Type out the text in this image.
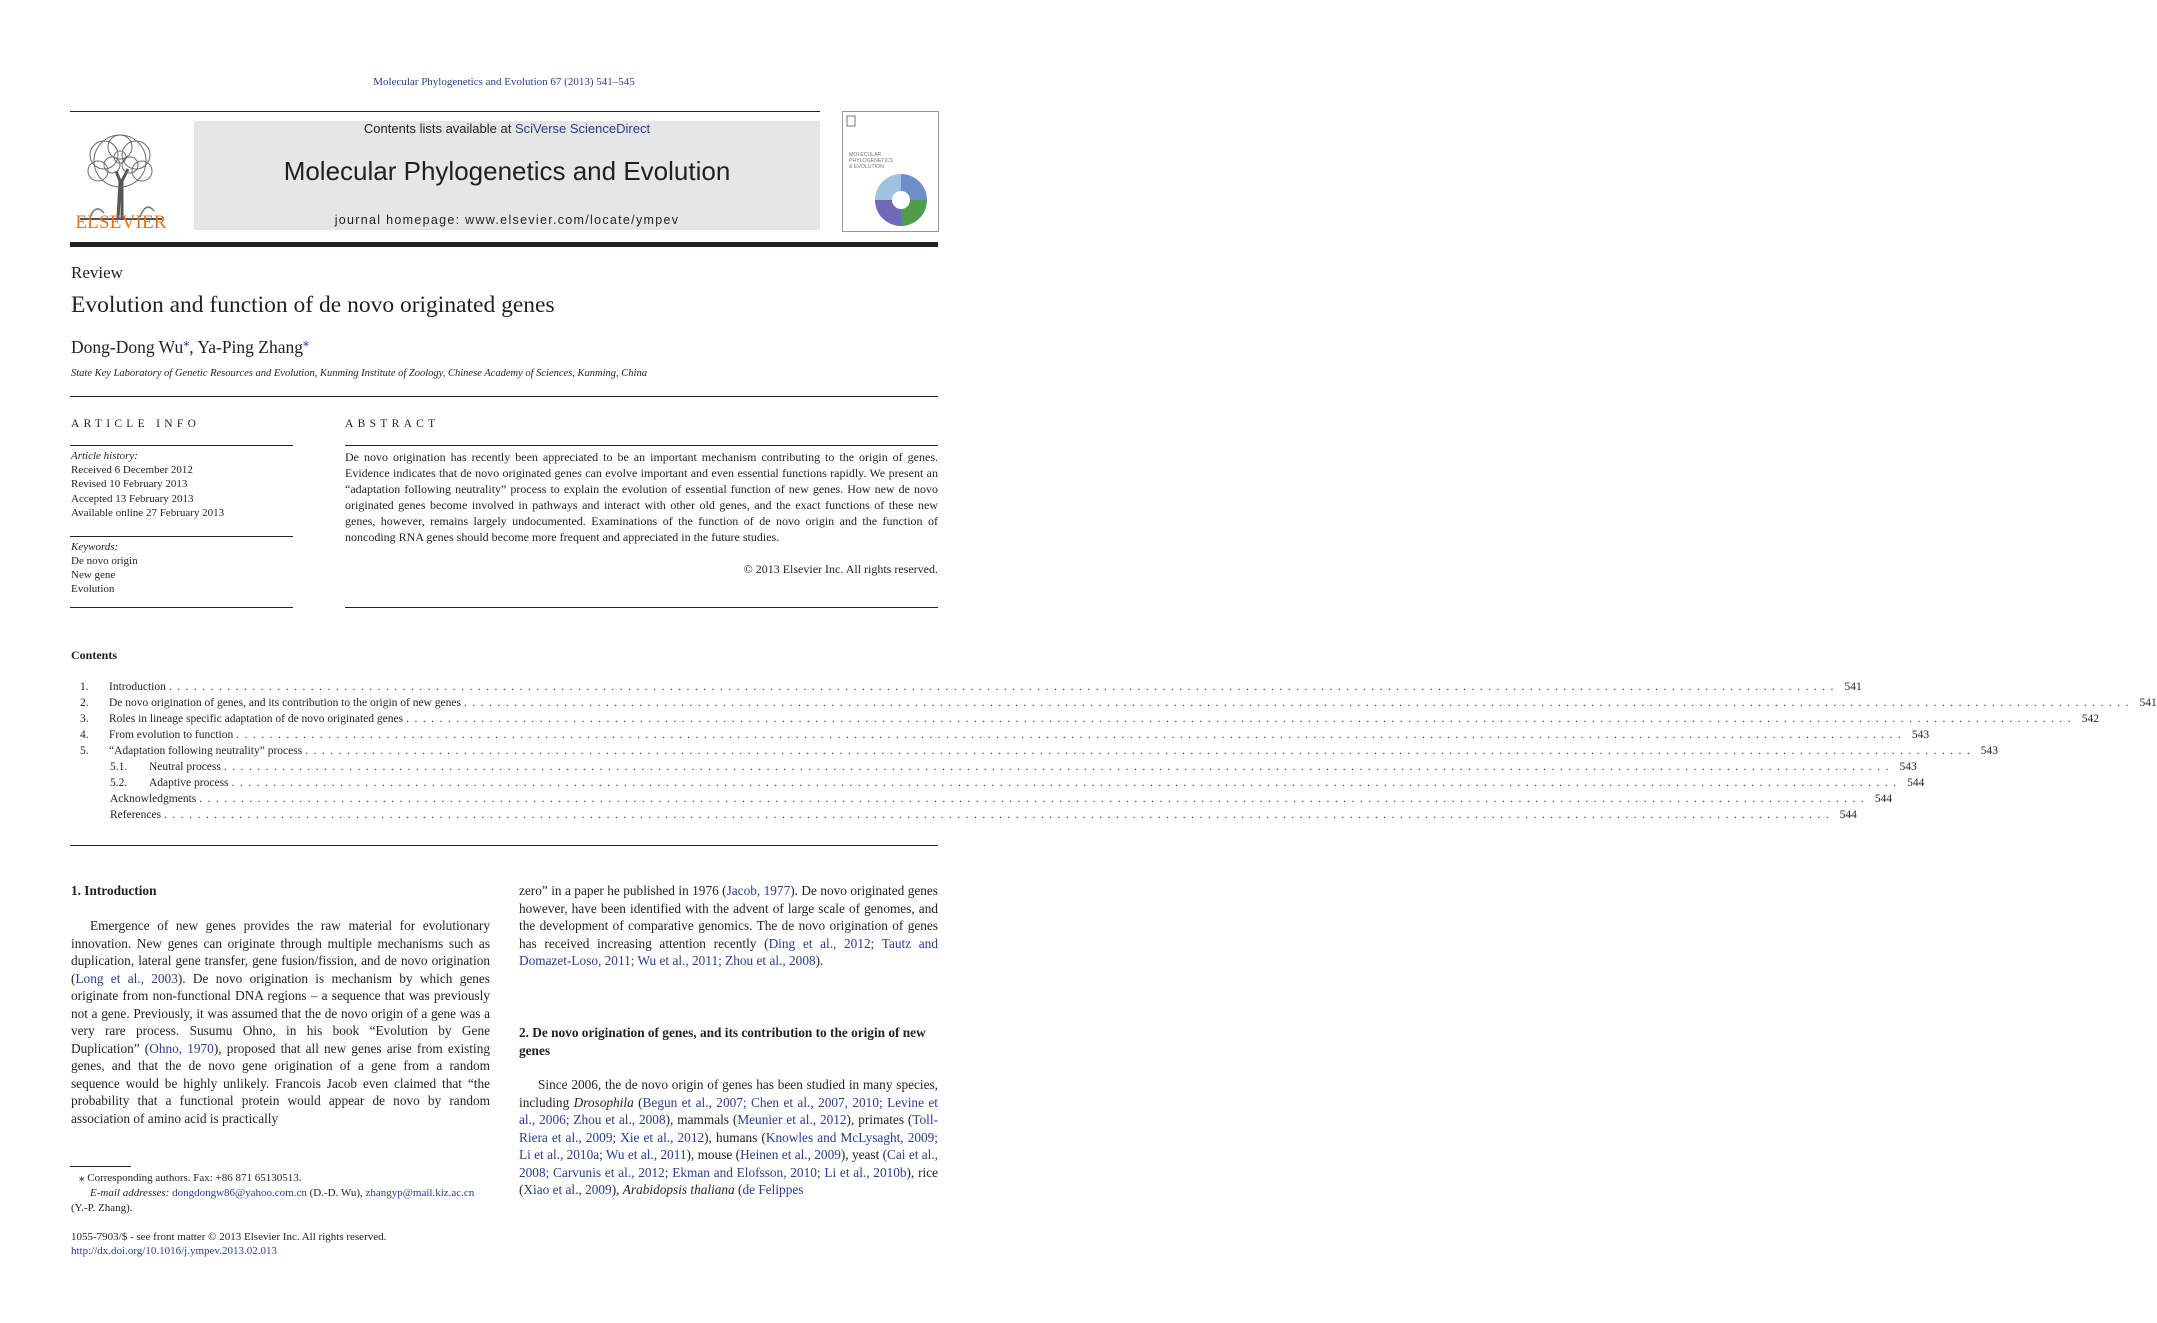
Molecular Phylogenetics and Evolution 67 (2013) 541–545
ELSEVIER
Contents lists available at SciVerse ScienceDirect
Molecular Phylogenetics and Evolution
journal homepage: www.elsevier.com/locate/ympev
MOLECULAR
PHYLOGENETICS
& EVOLUTION
Review
Evolution and function of de novo originated genes
Dong-Dong Wu⁎, Ya-Ping Zhang⁎
State Key Laboratory of Genetic Resources and Evolution, Kunming Institute of Zoology, Chinese Academy of Sciences, Kunming, China
ARTICLE INFO
Article history:
Received 6 December 2012
Revised 10 February 2013
Accepted 13 February 2013
Available online 27 February 2013
Keywords:
De novo origin
New gene
Evolution
ABSTRACT
De novo origination has recently been appreciated to be an important mechanism contributing to the origin of genes. Evidence indicates that de novo originated genes can evolve important and even essential functions rapidly. We present an “adaptation following neutrality” process to explain the evolution of essential function of new genes. How new de novo originated genes become involved in pathways and interact with other old genes, and the exact functions of these new genes, however, remains largely undocumented. Examinations of the function of de novo origin and the function of noncoding RNA genes should become more frequent and appreciated in the future studies.
© 2013 Elsevier Inc. All rights reserved.
Contents
1.	Introduction . . . . . . . . . . . . . . . . . . . . . . . . . . . . . . . . . . . . . . . . . . . . . . . . . . . . . . . . . . . . . . . . . . . . . . . . . . . . . . . . . . . . . . . . . . . . . . . . . . . . . . . . . . . . . . . . . . . . . . . . . . . . . . . . . . . . . . . . . . . . . . . . . . . . . . . . . . . . . . . . . . . . . . . . . . . . . . . . . . . . . . . . . . . . . . . . . . . . . . . . 541
2.	De novo origination of genes, and its contribution to the origin of new genes . . . . . . . . . . . . . . . . . . . . . . . . . . . . . . . . . . . . . . . . . . . . . . . . . . . . . . . . . . . . . . . . . . . . . . . . . . . . . . . . . . . . . . . . . . . . . . . . . . . . . . . . . . . . . . . . . . . . . . . . . . . . . . . . . . . . . . . . . . . . . . . . . . . . . . . . . . . . . . . . . . . . . . . . . . . . . . . . . . . . . . . . . . . . . . . . . . . . . . . . 541
3.	Roles in lineage specific adaptation of de novo originated genes . . . . . . . . . . . . . . . . . . . . . . . . . . . . . . . . . . . . . . . . . . . . . . . . . . . . . . . . . . . . . . . . . . . . . . . . . . . . . . . . . . . . . . . . . . . . . . . . . . . . . . . . . . . . . . . . . . . . . . . . . . . . . . . . . . . . . . . . . . . . . . . . . . . . . . . . . . . . . . . . . . . . . . . . . . . . . . . . . . . . . . . . . . . . . . . . . . . . . . . . 542
4.	From evolution to function . . . . . . . . . . . . . . . . . . . . . . . . . . . . . . . . . . . . . . . . . . . . . . . . . . . . . . . . . . . . . . . . . . . . . . . . . . . . . . . . . . . . . . . . . . . . . . . . . . . . . . . . . . . . . . . . . . . . . . . . . . . . . . . . . . . . . . . . . . . . . . . . . . . . . . . . . . . . . . . . . . . . . . . . . . . . . . . . . . . . . . . . . . . . . . . . . . . . . . . . 543
5.	“Adaptation following neutrality” process . . . . . . . . . . . . . . . . . . . . . . . . . . . . . . . . . . . . . . . . . . . . . . . . . . . . . . . . . . . . . . . . . . . . . . . . . . . . . . . . . . . . . . . . . . . . . . . . . . . . . . . . . . . . . . . . . . . . . . . . . . . . . . . . . . . . . . . . . . . . . . . . . . . . . . . . . . . . . . . . . . . . . . . . . . . . . . . . . . . . . . . . . . . . . . . . . . . . . . . . 543
5.1.	Neutral process . . . . . . . . . . . . . . . . . . . . . . . . . . . . . . . . . . . . . . . . . . . . . . . . . . . . . . . . . . . . . . . . . . . . . . . . . . . . . . . . . . . . . . . . . . . . . . . . . . . . . . . . . . . . . . . . . . . . . . . . . . . . . . . . . . . . . . . . . . . . . . . . . . . . . . . . . . . . . . . . . . . . . . . . . . . . . . . . . . . . . . . . . . . . . . . . . . . . . . . . 543
5.2.	Adaptive process . . . . . . . . . . . . . . . . . . . . . . . . . . . . . . . . . . . . . . . . . . . . . . . . . . . . . . . . . . . . . . . . . . . . . . . . . . . . . . . . . . . . . . . . . . . . . . . . . . . . . . . . . . . . . . . . . . . . . . . . . . . . . . . . . . . . . . . . . . . . . . . . . . . . . . . . . . . . . . . . . . . . . . . . . . . . . . . . . . . . . . . . . . . . . . . . . . . . . . . . 544
Acknowledgments . . . . . . . . . . . . . . . . . . . . . . . . . . . . . . . . . . . . . . . . . . . . . . . . . . . . . . . . . . . . . . . . . . . . . . . . . . . . . . . . . . . . . . . . . . . . . . . . . . . . . . . . . . . . . . . . . . . . . . . . . . . . . . . . . . . . . . . . . . . . . . . . . . . . . . . . . . . . . . . . . . . . . . . . . . . . . . . . . . . . . . . . . . . . . . . . . . . . . . . . 544
References . . . . . . . . . . . . . . . . . . . . . . . . . . . . . . . . . . . . . . . . . . . . . . . . . . . . . . . . . . . . . . . . . . . . . . . . . . . . . . . . . . . . . . . . . . . . . . . . . . . . . . . . . . . . . . . . . . . . . . . . . . . . . . . . . . . . . . . . . . . . . . . . . . . . . . . . . . . . . . . . . . . . . . . . . . . . . . . . . . . . . . . . . . . . . . . . . . . . . . . . 544
1. Introduction
Emergence of new genes provides the raw material for evolutionary innovation. New genes can originate through multiple mechanisms such as duplication, lateral gene transfer, gene fusion/fission, and de novo origination (Long et al., 2003). De novo origination is mechanism by which genes originate from non-functional DNA regions – a sequence that was previously not a gene. Previously, it was assumed that the de novo origin of a gene was a very rare process. Susumu Ohno, in his book “Evolution by Gene Duplication” (Ohno, 1970), proposed that all new genes arise from existing genes, and that the de novo gene origination of a gene from a random sequence would be highly unlikely. Francois Jacob even claimed that “the probability that a functional protein would appear de novo by random association of amino acid is practically
⁎ Corresponding authors. Fax: +86 871 65130513.
E-mail addresses: dongdongw86@yahoo.com.cn (D.-D. Wu), zhangyp@mail.kiz.ac.cn (Y.-P. Zhang).
1055-7903/$ - see front matter © 2013 Elsevier Inc. All rights reserved.
http://dx.doi.org/10.1016/j.ympev.2013.02.013
zero” in a paper he published in 1976 (Jacob, 1977). De novo originated genes however, have been identified with the advent of large scale of genomes, and the development of comparative genomics. The de novo origination of genes has received increasing attention recently (Ding et al., 2012; Tautz and Domazet-Loso, 2011; Wu et al., 2011; Zhou et al., 2008).
2. De novo origination of genes, and its contribution to the origin of new genes
Since 2006, the de novo origin of genes has been studied in many species, including Drosophila (Begun et al., 2007; Chen et al., 2007, 2010; Levine et al., 2006; Zhou et al., 2008), mammals (Meunier et al., 2012), primates (Toll-Riera et al., 2009; Xie et al., 2012), humans (Knowles and McLysaght, 2009; Li et al., 2010a; Wu et al., 2011), mouse (Heinen et al., 2009), yeast (Cai et al., 2008; Carvunis et al., 2012; Ekman and Elofsson, 2010; Li et al., 2010b), rice (Xiao et al., 2009), Arabidopsis thaliana (de Felippes
